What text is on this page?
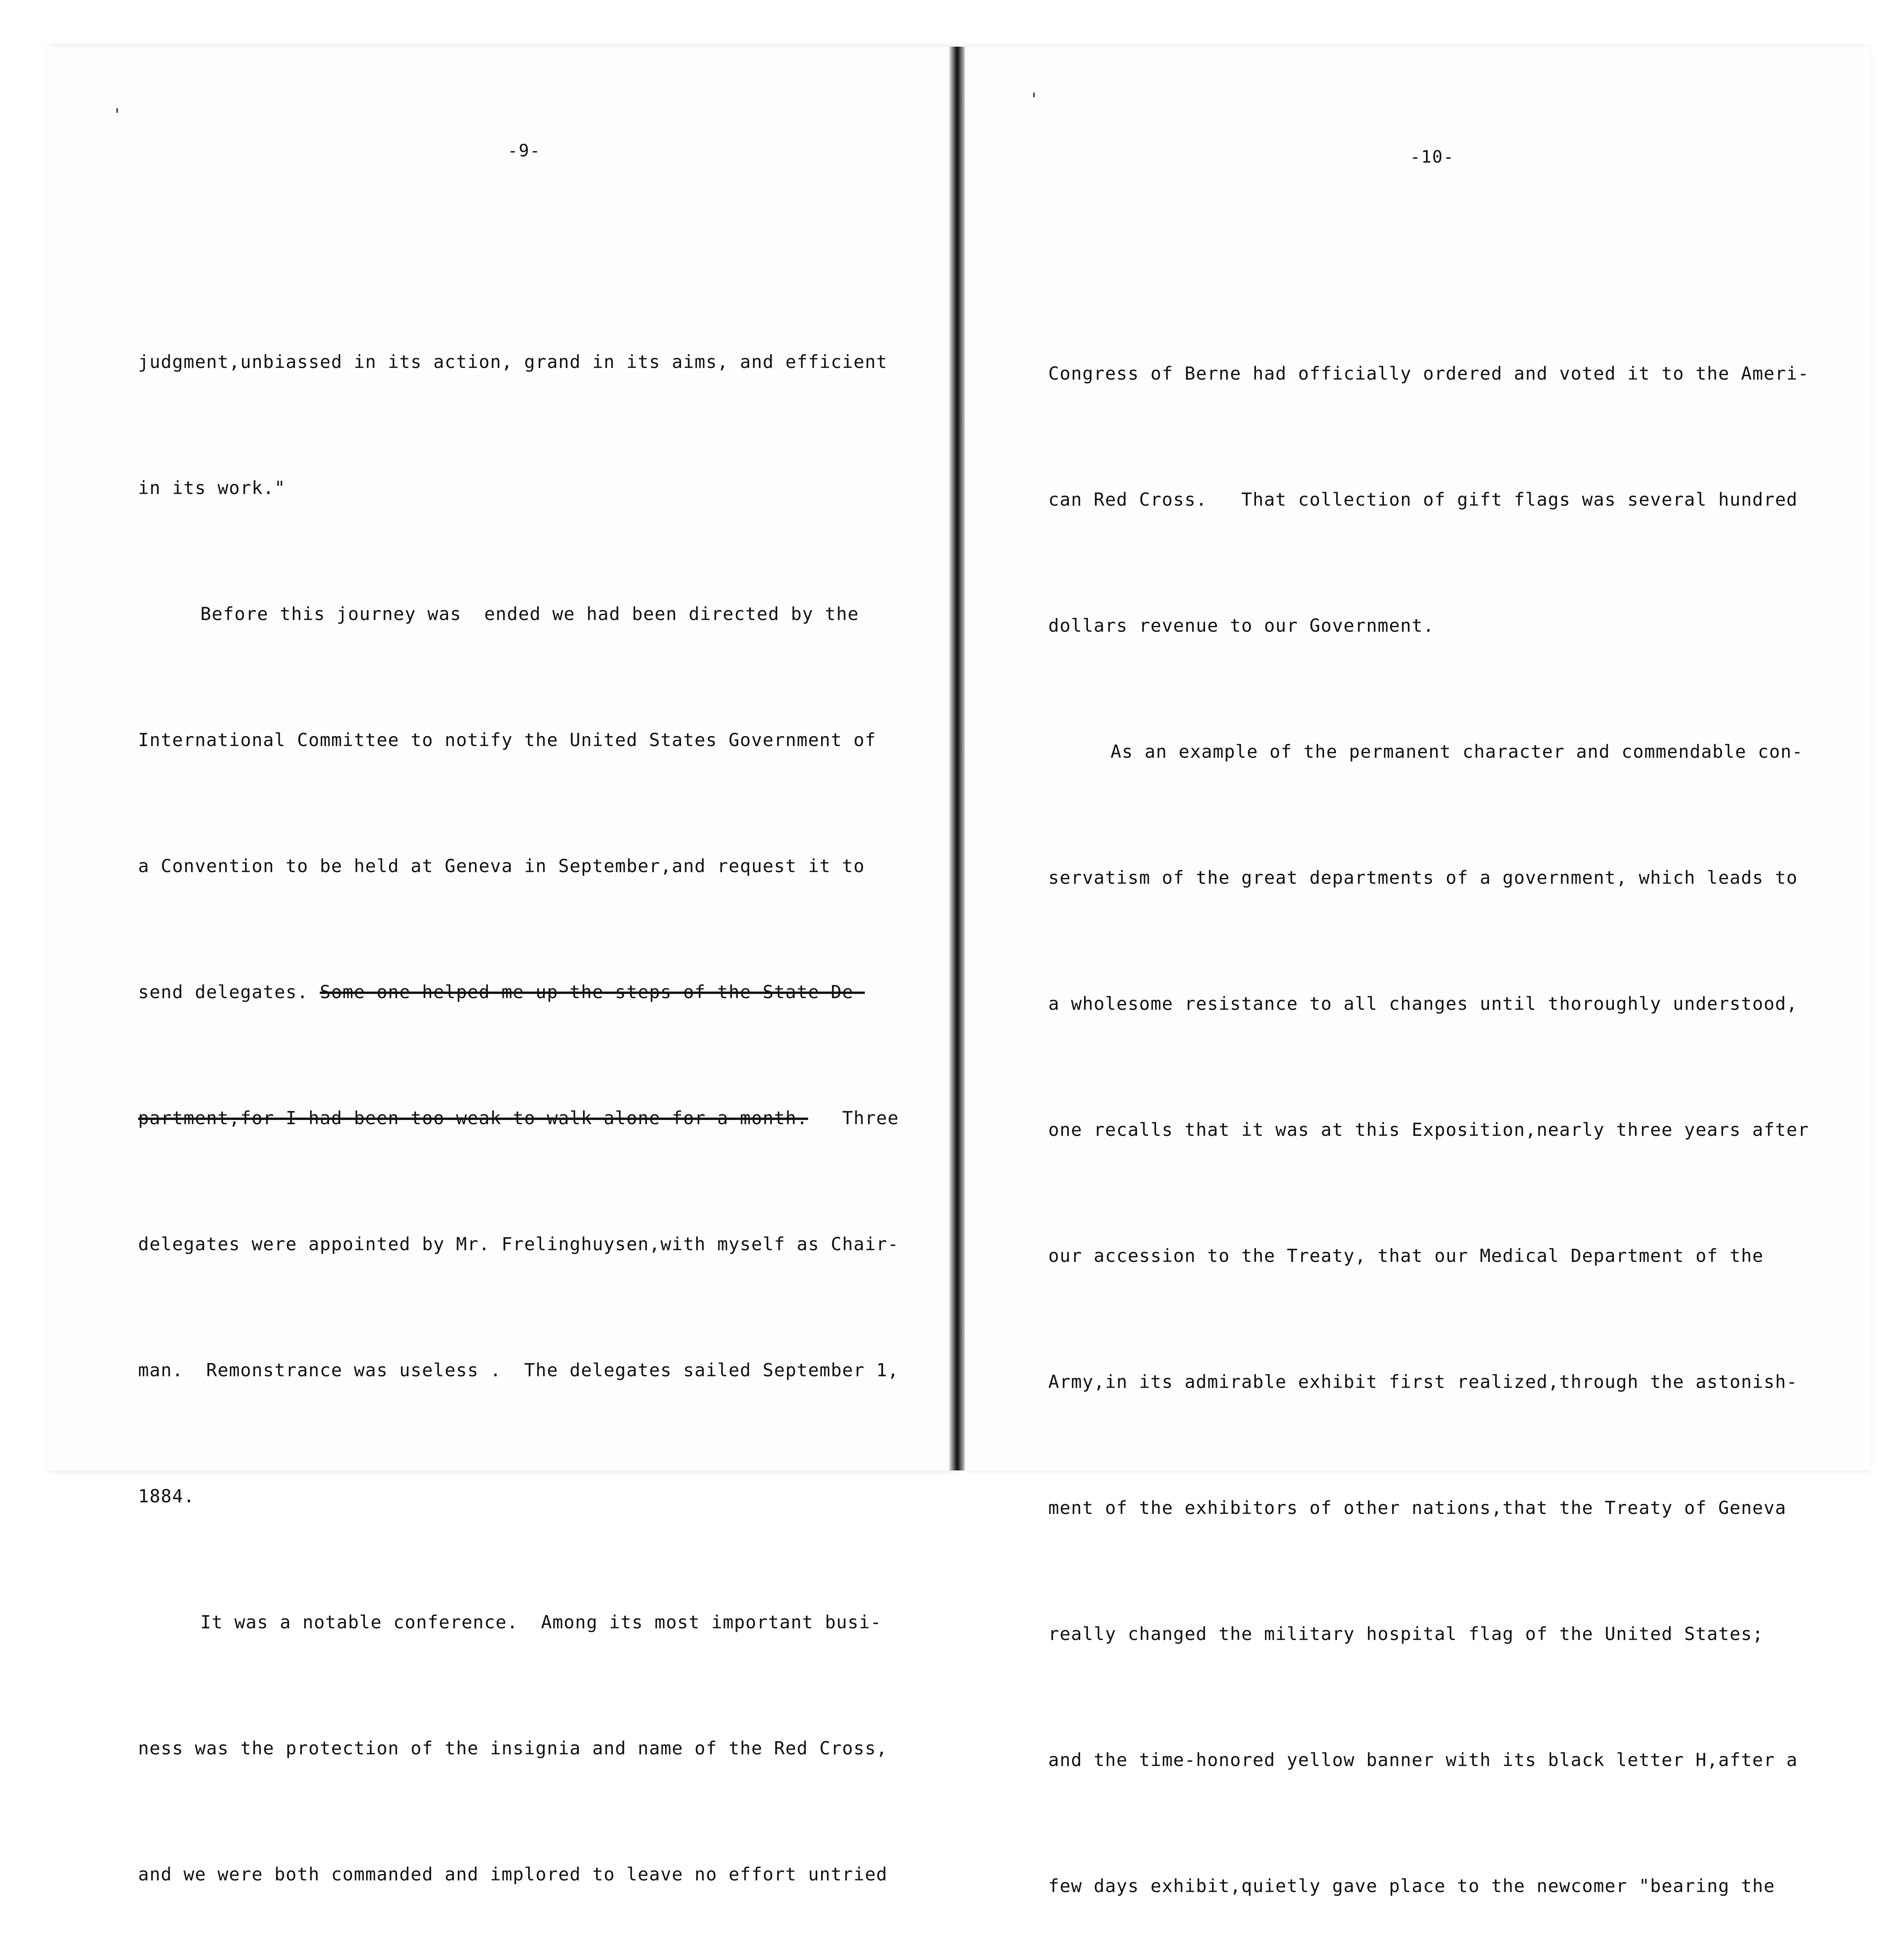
'
-9-

judgment,unbiassed in its action, grand in its aims, and efficient

in its work."

Before this journey was  ended we had been directed by the

International Committee to notify the United States Government of

a Convention to be held at Geneva in September,and request it to

send delegates. Some one helped me up the steps of the State De-

partment,for I had been too weak to walk alone for a month. Three

delegates were appointed by Mr. Frelinghuysen,with myself as Chair-

man.  Remonstrance was useless .  The delegates sailed September 1,

1884.

It was a notable conference.  Among its most important busi-

ness was the protection of the insignia and name of the Red Cross,

and we were both commanded and implored to leave no effort untried

'
-10-

Congress of Berne had officially ordered and voted it to the Ameri-

can Red Cross.   That collection of gift flags was several hundred

dollars revenue to our Government.

As an example of the permanent character and commendable con-

servatism of the great departments of a government, which leads to

a wholesome resistance to all changes until thoroughly understood,

one recalls that it was at this Exposition,nearly three years after

our accession to the Treaty, that our Medical Department of the

Army,in its admirable exhibit first realized,through the astonish-

ment of the exhibitors of other nations,that the Treaty of Geneva

really changed the military hospital flag of the United States;

and the time-honored yellow banner with its black letter H,after a

few days exhibit,quietly gave place to the newcomer "bearing the
